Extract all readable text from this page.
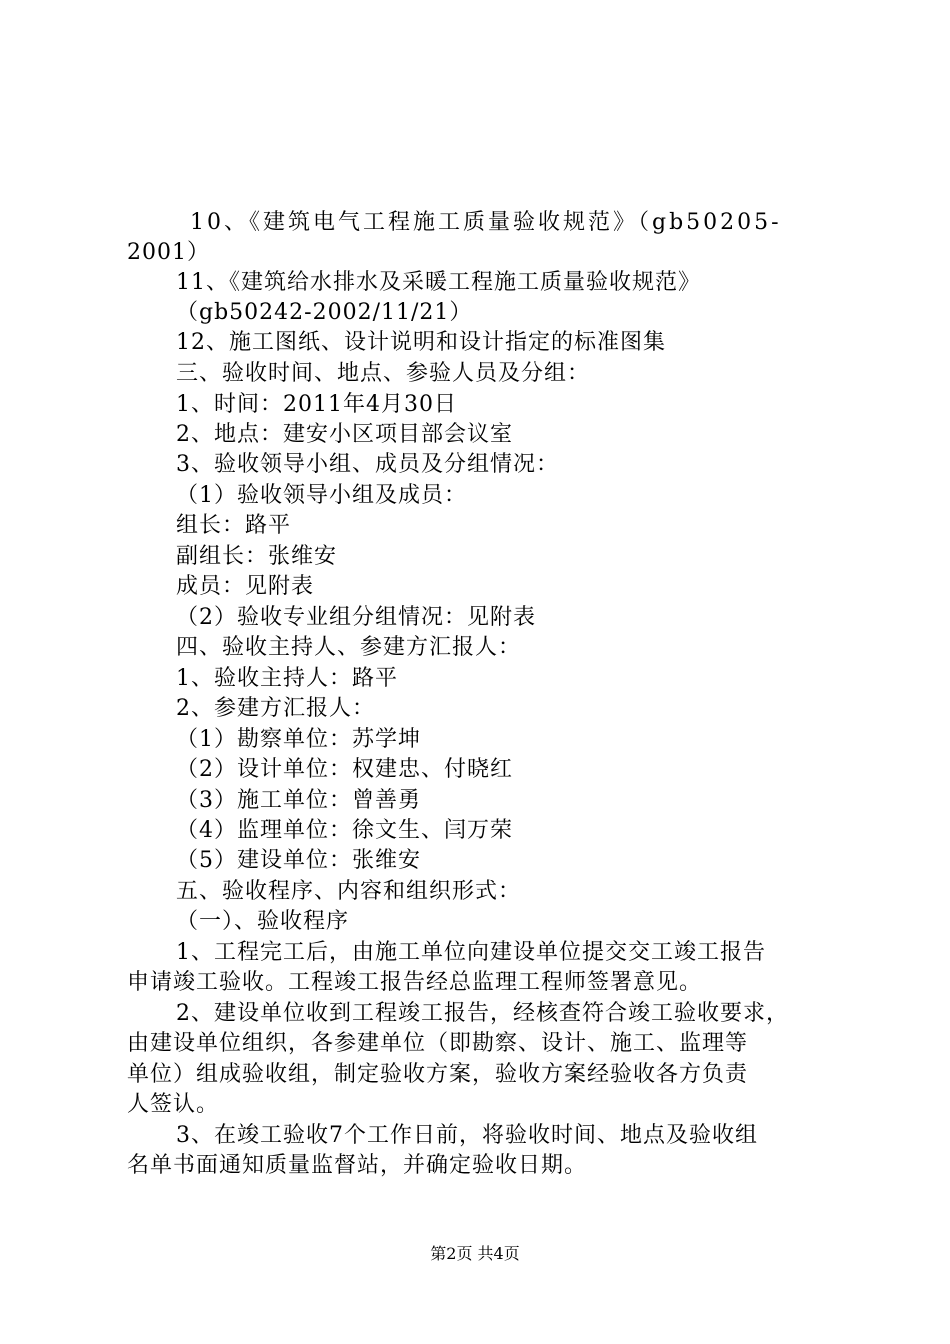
10、《建筑电气工程施工质量验收规范》（gb50205-
2001）
11、《建筑给水排水及采暖工程施工质量验收规范》
（gb50242-2002/11/21）
12、施工图纸、设计说明和设计指定的标准图集
三、验收时间、地点、参验人员及分组：
1、时间：2011年4月30日
2、地点：建安小区项目部会议室
3、验收领导小组、成员及分组情况：
（1）验收领导小组及成员：
组长：路平
副组长：张维安
成员：见附表
（2）验收专业组分组情况：见附表
四、验收主持人、参建方汇报人：
1、验收主持人：路平
2、参建方汇报人：
（1）勘察单位：苏学坤
（2）设计单位：权建忠、付晓红
（3）施工单位：曾善勇
（4）监理单位：徐文生、闫万荣
（5）建设单位：张维安
五、验收程序、内容和组织形式：
（一）、验收程序
1、工程完工后，由施工单位向建设单位提交交工竣工报告
申请竣工验收。工程竣工报告经总监理工程师签署意见。
2、建设单位收到工程竣工报告，经核查符合竣工验收要求，
由建设单位组织，各参建单位（即勘察、设计、施工、监理等
单位）组成验收组，制定验收方案，验收方案经验收各方负责
人签认。
3、在竣工验收7个工作日前，将验收时间、地点及验收组
名单书面通知质量监督站，并确定验收日期。
第2页 共4页
